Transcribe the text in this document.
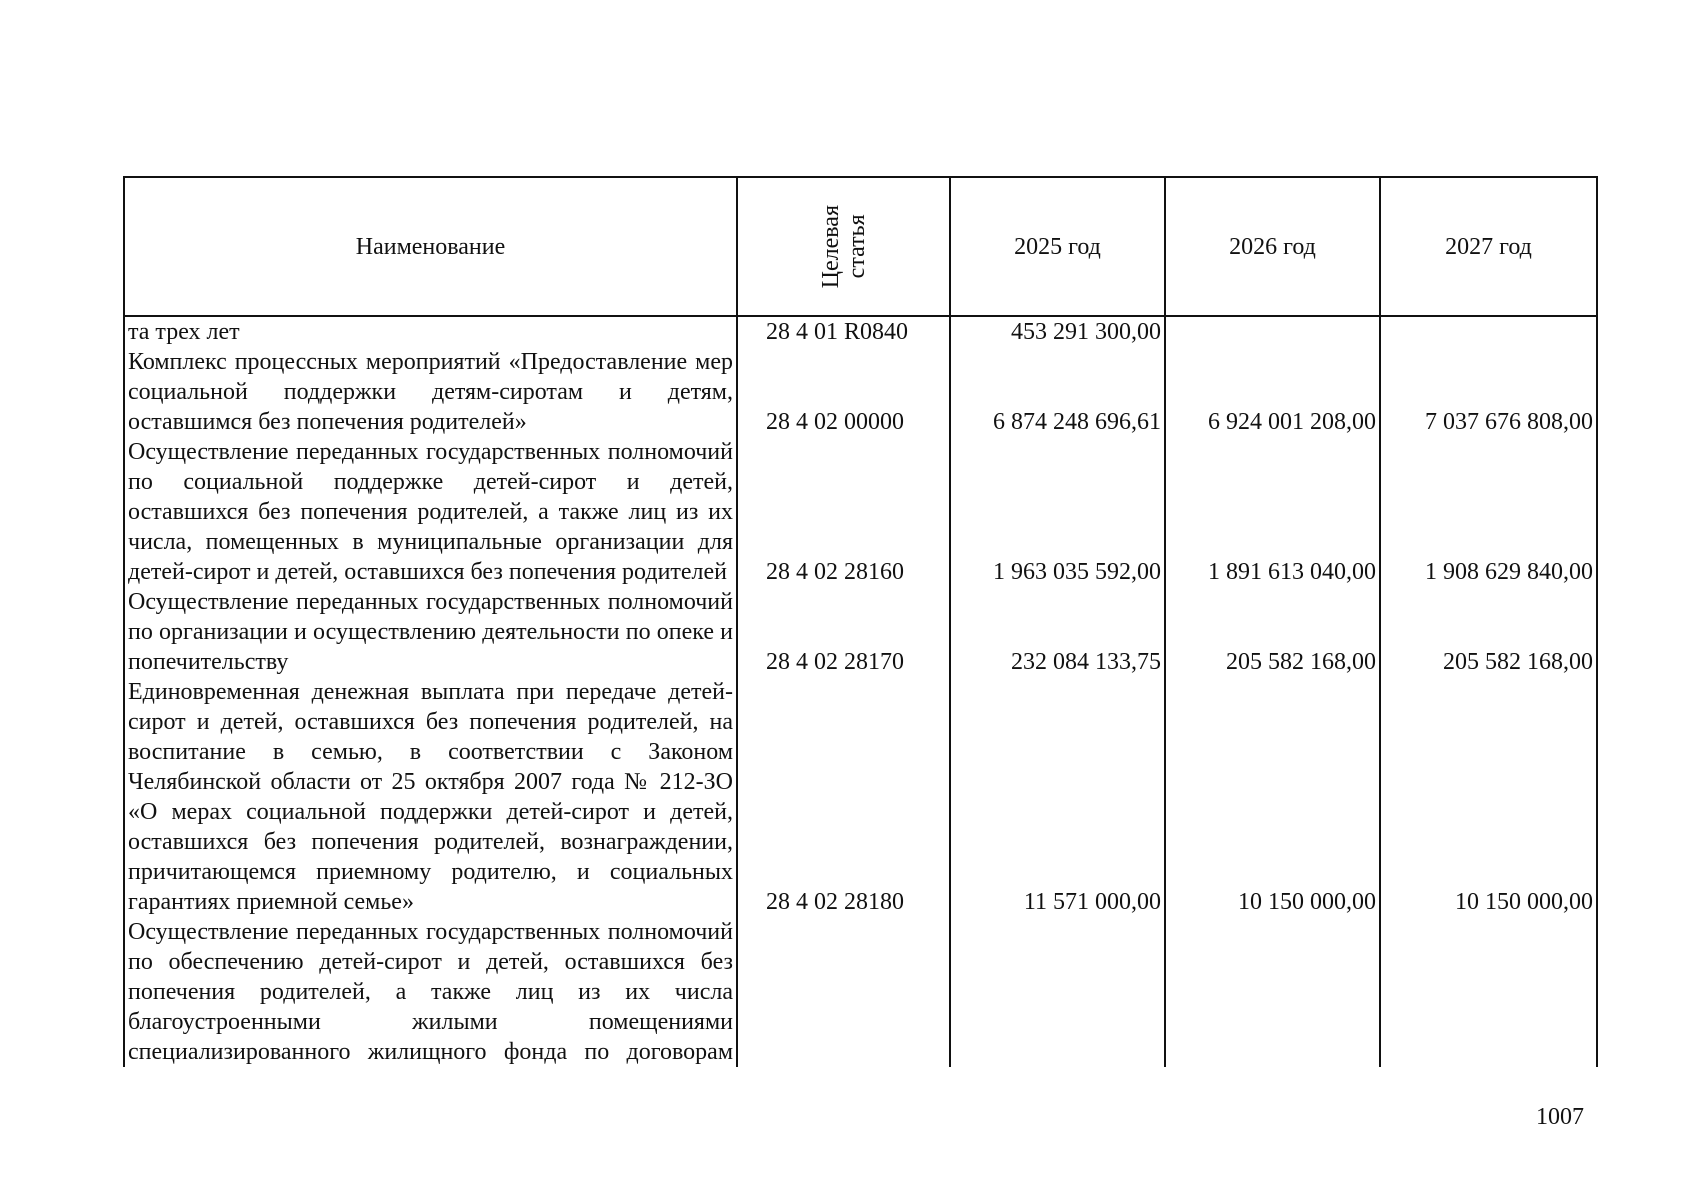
Наименование	Целевая статья	2025 год	2026 год	2027 год
та трех лет	28 4 01 R0840	453 291 300,00		
Комплекс процессных мероприятий «Предоставление мер социальной поддержки детям-сиротам и детям, оставшимся без попечения родителей»	28 4 02 00000	6 874 248 696,61	6 924 001 208,00	7 037 676 808,00
Осуществление переданных государственных полномочий по социальной поддержке детей-сирот и детей, оставшихся без попечения родителей, а также лиц из их числа, помещенных в муниципальные организации для детей-сирот и детей, оставшихся без попечения родителей	28 4 02 28160	1 963 035 592,00	1 891 613 040,00	1 908 629 840,00
Осуществление переданных государственных полномочий по организации и осуществлению деятельности по опеке и попечительству	28 4 02 28170	232 084 133,75	205 582 168,00	205 582 168,00
Единовременная денежная выплата при передаче детей-сирот и детей, оставшихся без попечения родителей, на воспитание в семью, в соответствии с Законом Челябинской области от 25 октября 2007 года № 212-ЗО «О мерах социальной поддержки детей-сирот и детей, оставшихся без попечения родителей, вознаграждении, причитающемся приемному родителю, и социальных гарантиях приемной семье»	28 4 02 28180	11 571 000,00	10 150 000,00	10 150 000,00
Осуществление переданных государственных полномочий по обеспечению детей-сирот и детей, оставшихся без попечения родителей, а также лиц из их числа благоустроенными жилыми помещениями специализированного жилищного фонда по договорам				
1007
